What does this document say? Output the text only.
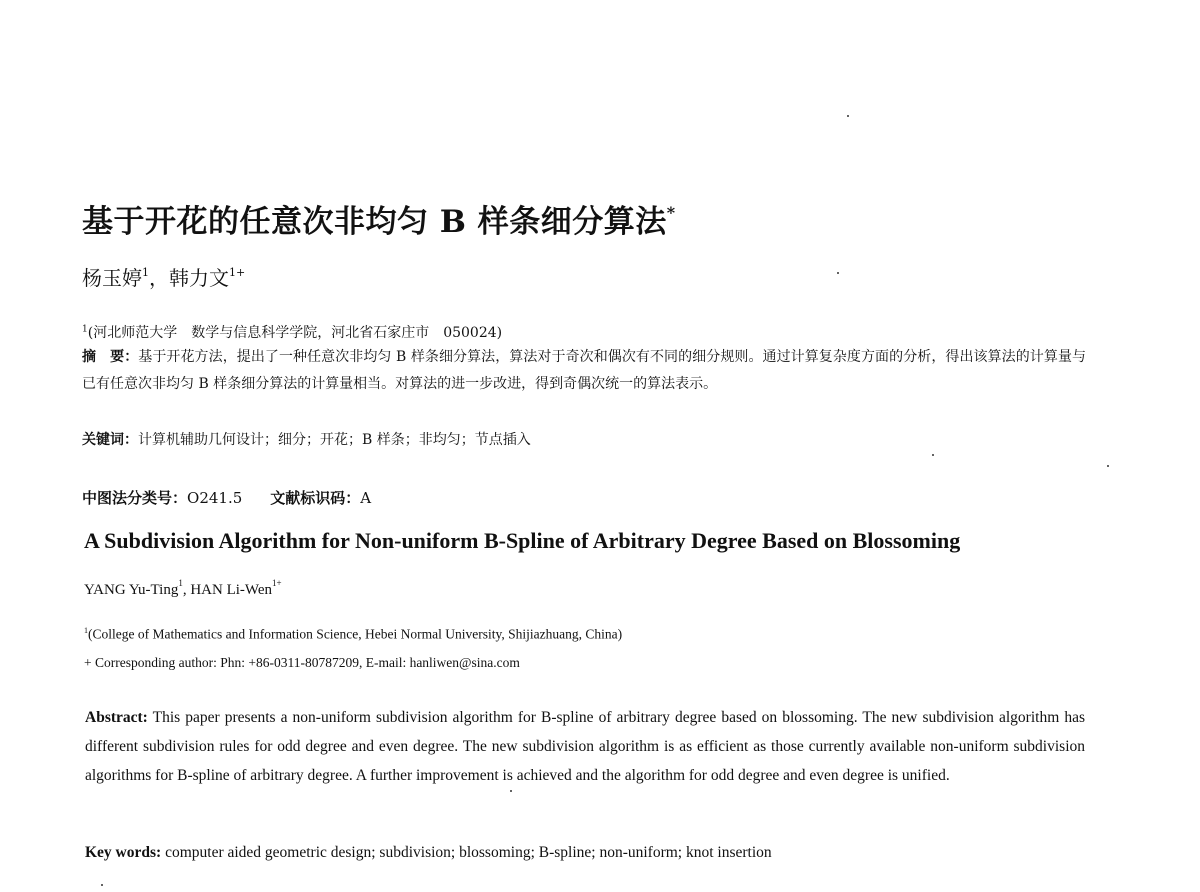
基于开花的任意次非均匀 B 样条细分算法*
杨玉婷$^1$，韩力文$^{1+}$
$^1$(河北师范大学　数学与信息科学学院，河北省石家庄市　050024)
摘　要：基于开花方法，提出了一种任意次非均匀 B 样条细分算法，算法对于奇次和偶次有不同的细分规则。通过计算复杂度方面的分析，得出该算法的计算量与已有任意次非均匀 B 样条细分算法的计算量相当。对算法的进一步改进，得到奇偶次统一的算法表示。
关键词：计算机辅助几何设计；细分；开花；B 样条；非均匀；节点插入
中图法分类号：O241.5 文献标识码：A
A Subdivision Algorithm for Non-uniform B-Spline of Arbitrary Degree Based on Blossoming
YANG Yu-Ting$^1$, HAN Li-Wen$^{1+}$
$^1$(College of Mathematics and Information Science, Hebei Normal University, Shijiazhuang, China)
+ Corresponding author: Phn: +86-0311-80787209, E-mail: hanliwen@sina.com
Abstract: This paper presents a non-uniform subdivision algorithm for B-spline of arbitrary degree based on blossoming. The new subdivision algorithm has different subdivision rules for odd degree and even degree. The new subdivision algorithm is as efficient as those currently available non-uniform subdivision algorithms for B-spline of arbitrary degree. A further improvement is achieved and the algorithm for odd degree and even degree is unified.
Key words: computer aided geometric design; subdivision; blossoming; B-spline; non-uniform; knot insertion
